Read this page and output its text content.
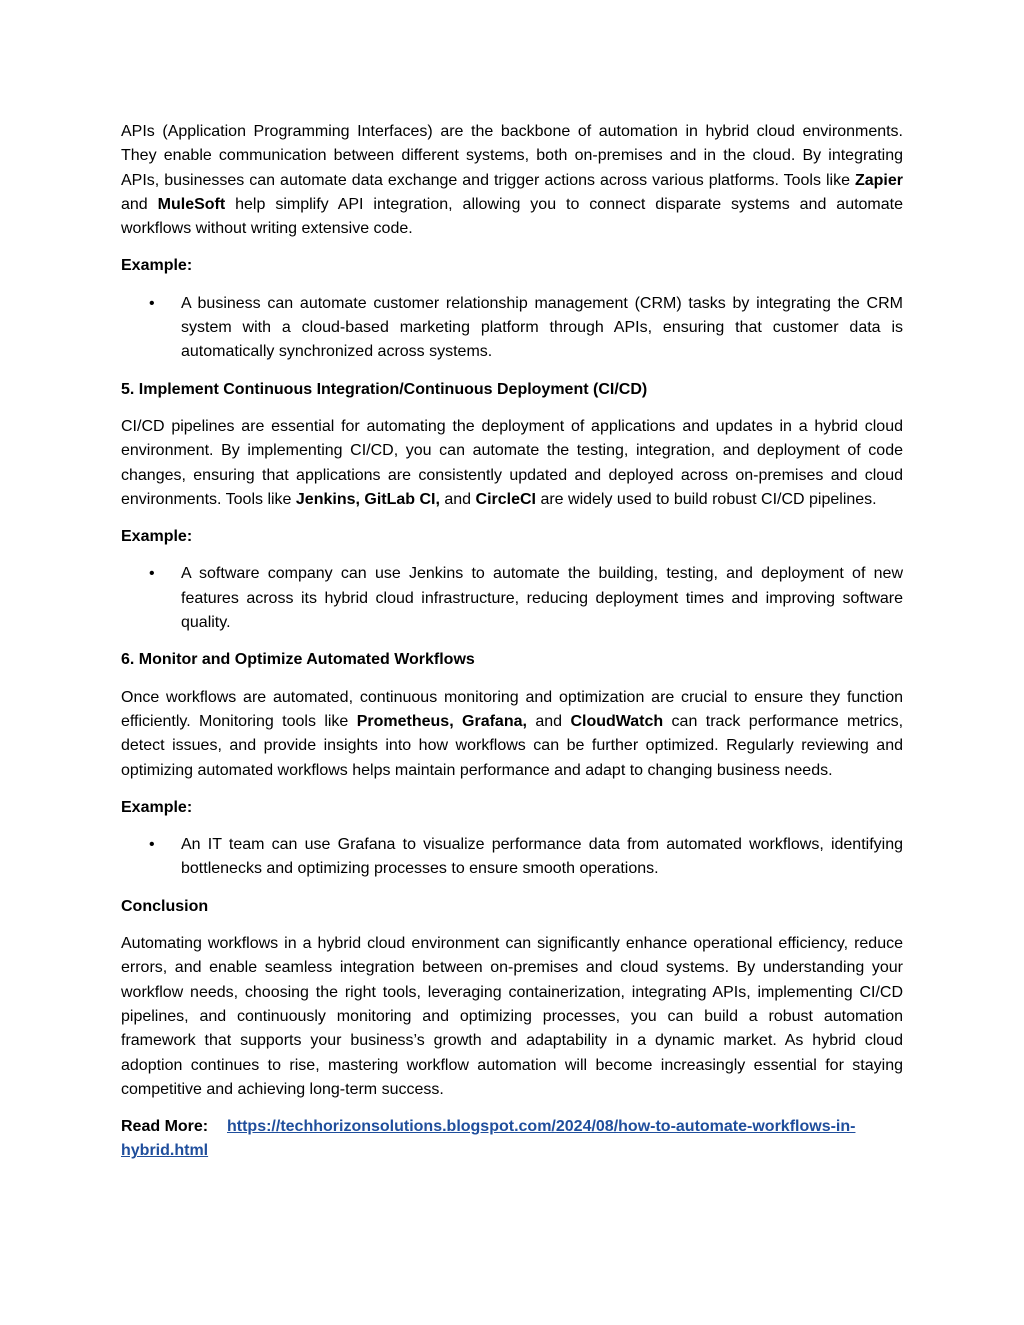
APIs (Application Programming Interfaces) are the backbone of automation in hybrid cloud environments. They enable communication between different systems, both on-premises and in the cloud. By integrating APIs, businesses can automate data exchange and trigger actions across various platforms. Tools like Zapier and MuleSoft help simplify API integration, allowing you to connect disparate systems and automate workflows without writing extensive code.

Example:

• A business can automate customer relationship management (CRM) tasks by integrating the CRM system with a cloud-based marketing platform through APIs, ensuring that customer data is automatically synchronized across systems.

5. Implement Continuous Integration/Continuous Deployment (CI/CD)

CI/CD pipelines are essential for automating the deployment of applications and updates in a hybrid cloud environment. By implementing CI/CD, you can automate the testing, integration, and deployment of code changes, ensuring that applications are consistently updated and deployed across on-premises and cloud environments. Tools like Jenkins, GitLab CI, and CircleCI are widely used to build robust CI/CD pipelines.

Example:

• A software company can use Jenkins to automate the building, testing, and deployment of new features across its hybrid cloud infrastructure, reducing deployment times and improving software quality.

6. Monitor and Optimize Automated Workflows

Once workflows are automated, continuous monitoring and optimization are crucial to ensure they function efficiently. Monitoring tools like Prometheus, Grafana, and CloudWatch can track performance metrics, detect issues, and provide insights into how workflows can be further optimized. Regularly reviewing and optimizing automated workflows helps maintain performance and adapt to changing business needs.

Example:

• An IT team can use Grafana to visualize performance data from automated workflows, identifying bottlenecks and optimizing processes to ensure smooth operations.

Conclusion

Automating workflows in a hybrid cloud environment can significantly enhance operational efficiency, reduce errors, and enable seamless integration between on-premises and cloud systems. By understanding your workflow needs, choosing the right tools, leveraging containerization, integrating APIs, implementing CI/CD pipelines, and continuously monitoring and optimizing processes, you can build a robust automation framework that supports your business’s growth and adaptability in a dynamic market. As hybrid cloud adoption continues to rise, mastering workflow automation will become increasingly essential for staying competitive and achieving long-term success.

Read More: https://techhorizonsolutions.blogspot.com/2024/08/how-to-automate-workflows-in-hybrid.html
